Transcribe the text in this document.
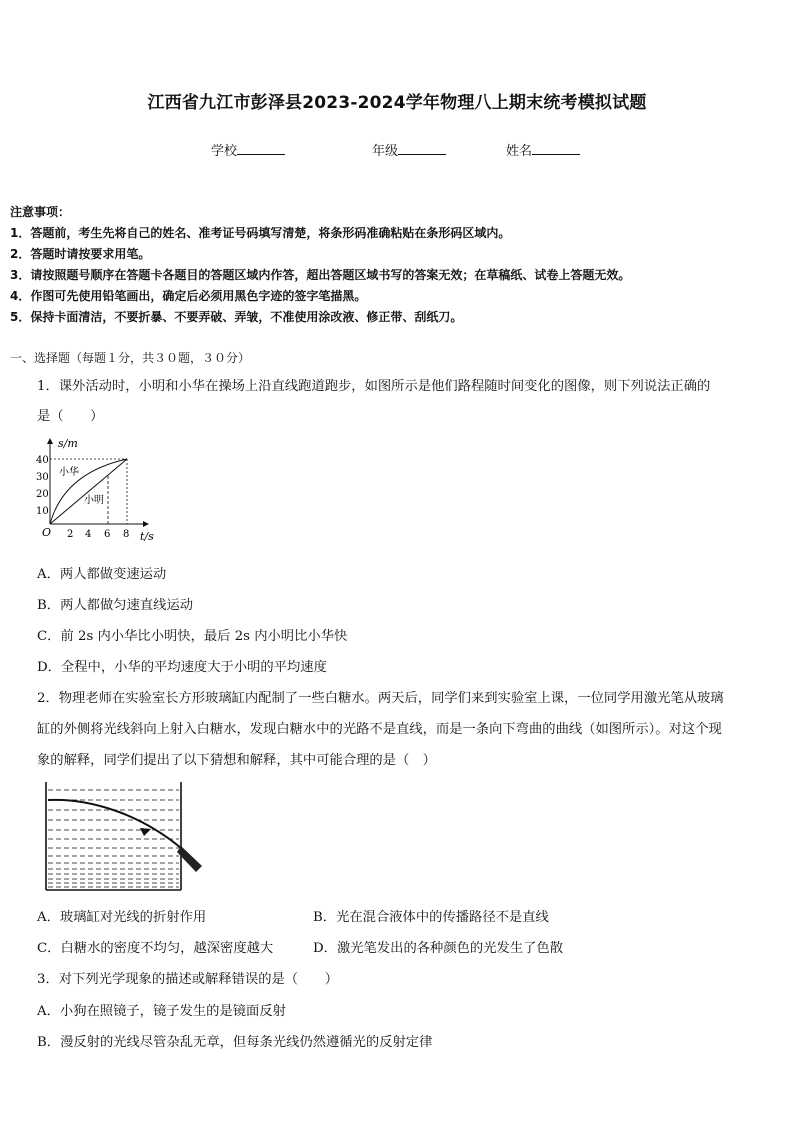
江西省九江市彭泽县2023-2024学年物理八上期末统考模拟试题
学校	年级	姓名
注意事项：
1．答题前，考生先将自己的姓名、准考证号码填写清楚，将条形码准确粘贴在条形码区域内。
2．答题时请按要求用笔。
3．请按照题号顺序在答题卡各题目的答题区域内作答，超出答题区域书写的答案无效；在草稿纸、试卷上答题无效。
4．作图可先使用铅笔画出，确定后必须用黑色字迹的签字笔描黑。
5．保持卡面清洁，不要折暴、不要弄破、弄皱，不准使用涂改液、修正带、刮纸刀。
一、选择题（每题１分，共３０题，３０分）
1．课外活动时，小明和小华在操场上沿直线跑道跑步，如图所示是他们路程随时间变化的图像，则下列说法正确的
是（　　）
s/m
t/s
O
40
30
20
10
2 4 6 8
小华
小明
A．两人都做变速运动
B．两人都做匀速直线运动
C．前 2s 内小华比小明快，最后 2s 内小明比小华快
D．全程中，小华的平均速度大于小明的平均速度
2．物理老师在实验室长方形玻璃缸内配制了一些白糖水。两天后，同学们来到实验室上课，一位同学用激光笔从玻璃
缸的外侧将光线斜向上射入白糖水，发现白糖水中的光路不是直线，而是一条向下弯曲的曲线（如图所示）。对这个现
象的解释，同学们提出了以下猜想和解释，其中可能合理的是（　）
A．玻璃缸对光线的折射作用	B．光在混合液体中的传播路径不是直线
C．白糖水的密度不均匀，越深密度越大	D．激光笔发出的各种颜色的光发生了色散
3．对下列光学现象的描述或解释错误的是（　　）
A．小狗在照镜子，镜子发生的是镜面反射
B．漫反射的光线尽管杂乱无章，但每条光线仍然遵循光的反射定律
